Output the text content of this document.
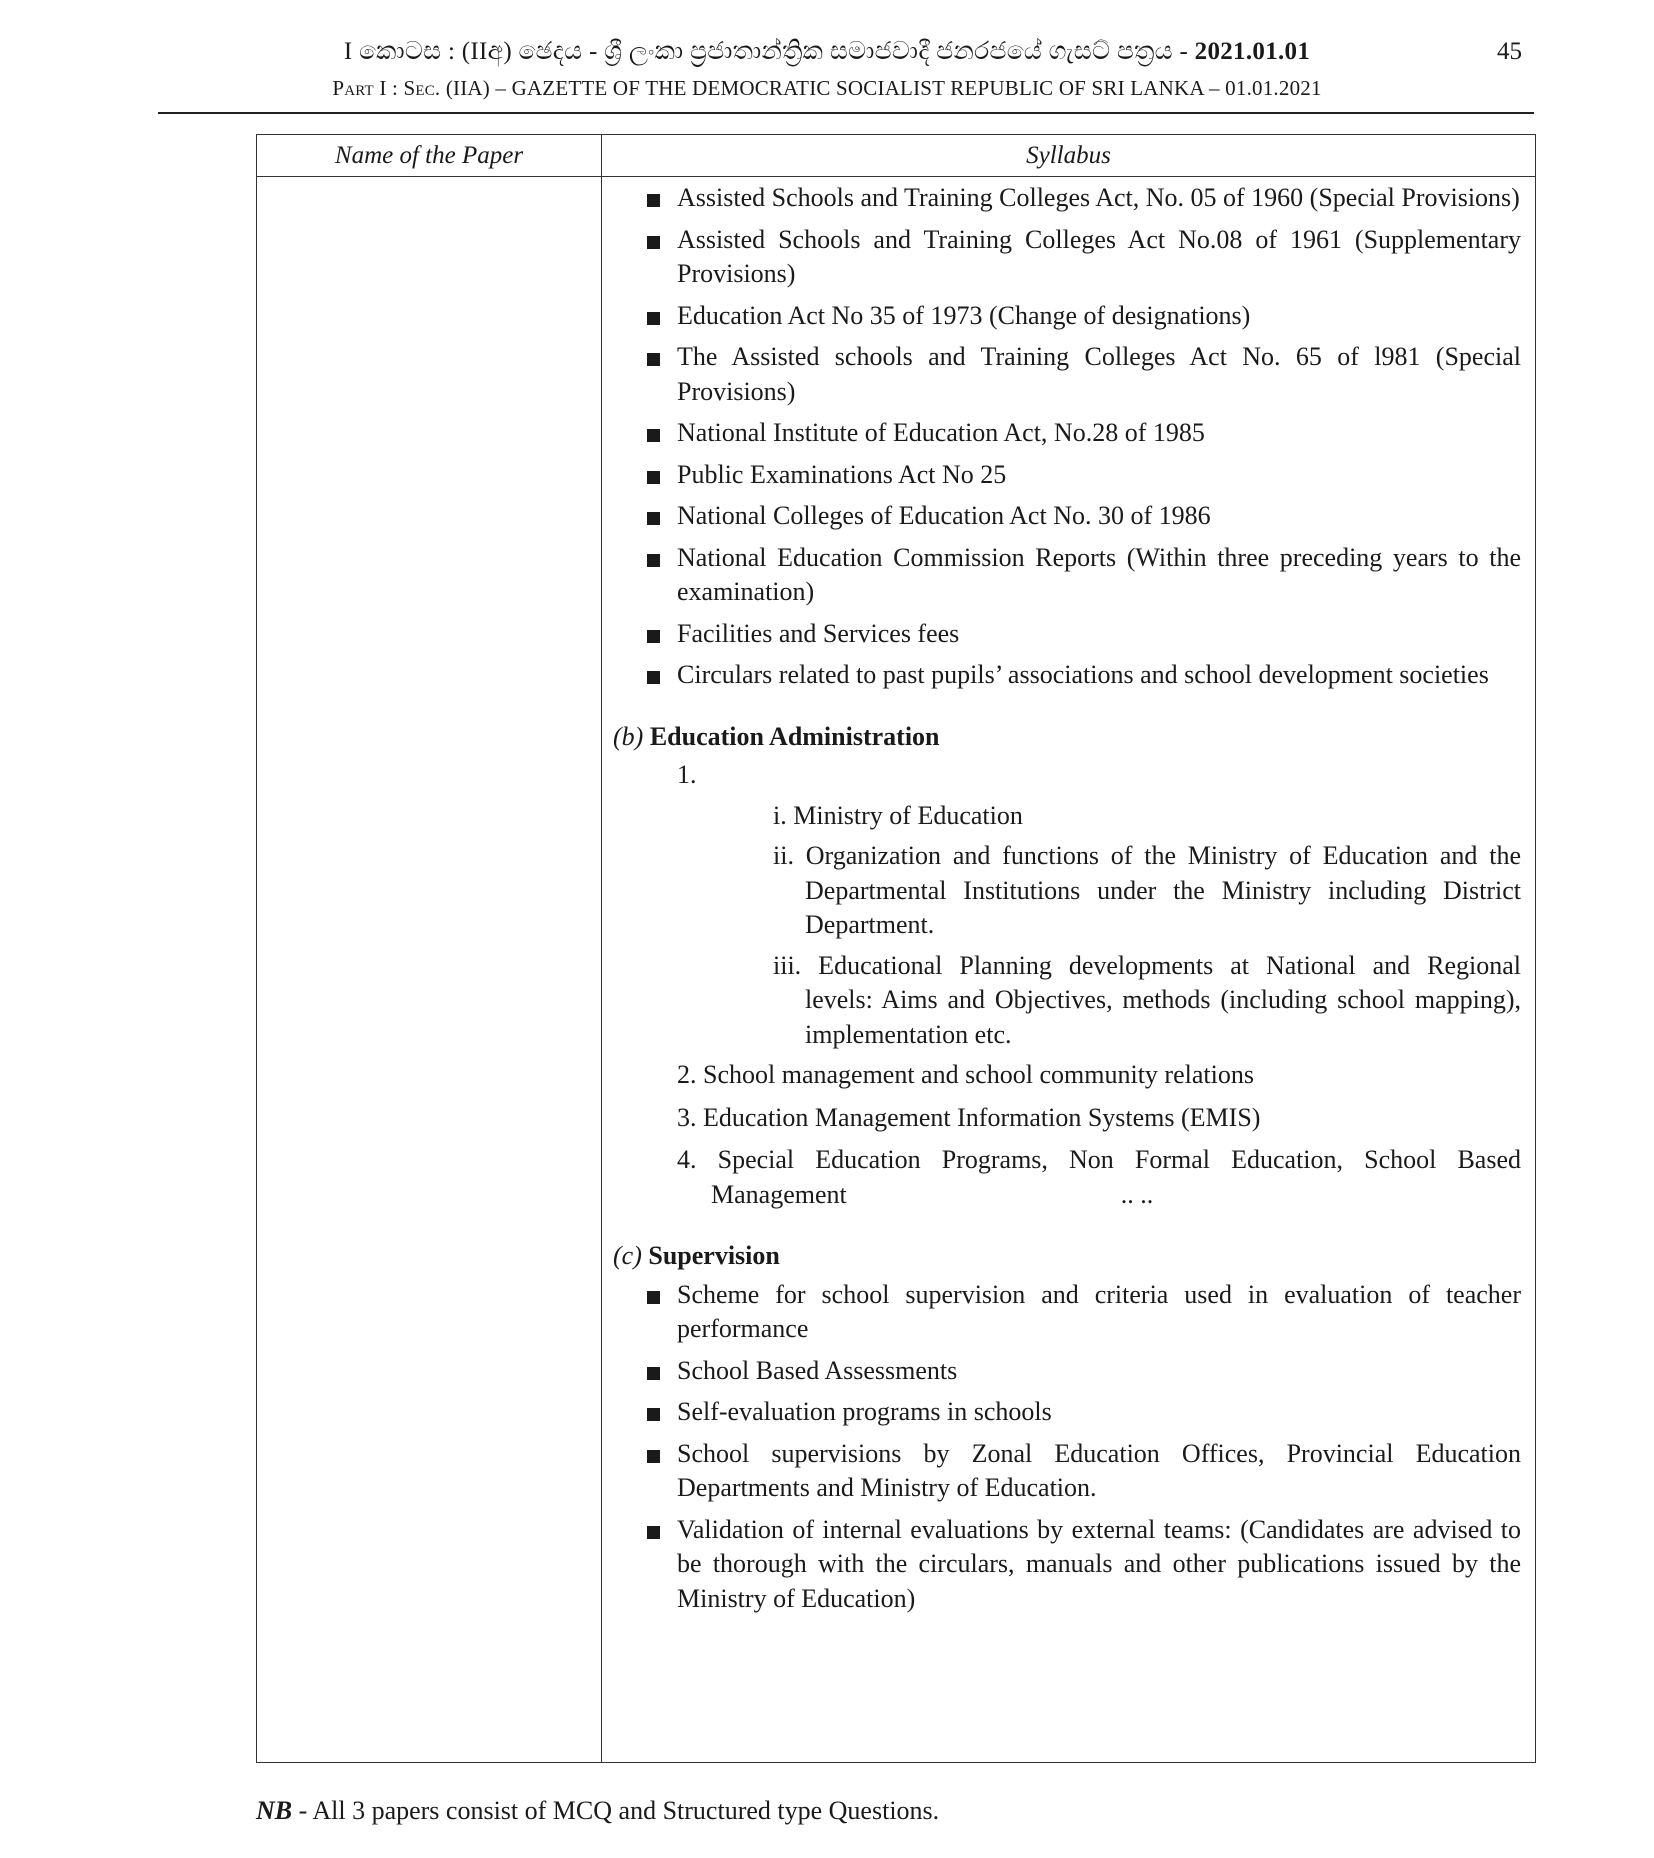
I කොටස : (IIඅ) ඡෙදය - ශ්‍රී ලංකා ප්‍රජාතාන්ත්‍රික සමාජවාදී ජනරජයේ ගැසට් පත්‍රය - 2021.01.01	45
Part I : Sec. (IIA) – GAZETTE OF THE DEMOCRATIC SOCIALIST REPUBLIC OF SRI LANKA – 01.01.2021
Name of the Paper	Syllabus
Assisted Schools and Training Colleges Act, No. 05 of 1960 (Special Provisions)
Assisted Schools and Training Colleges Act No.08 of 1961 (Supplementary Provisions)
Education Act No 35 of 1973 (Change of designations)
The Assisted schools and Training Colleges Act No. 65 of l981 (Special Provisions)
National Institute of Education Act, No.28 of 1985
Public Examinations Act No 25
National Colleges of Education Act No. 30 of 1986
National Education Commission Reports (Within three preceding years to the examination)
Facilities and Services fees
Circulars related to past pupils’ associations and school development societies
(b) Education Administration
1.
i. Ministry of Education
ii. Organization and functions of the Ministry of Education and the Departmental Institutions under the Ministry including District Department.
iii. Educational Planning developments at National and Regional levels: Aims and Objectives, methods (including school mapping), implementation etc.
2. School management and school community relations
3. Education Management Information Systems (EMIS)
4. Special Education Programs, Non Formal Education, School Based Management	.. ..
(c) Supervision
Scheme for school supervision and criteria used in evaluation of teacher performance
School Based Assessments
Self-evaluation programs in schools
School supervisions by Zonal Education Offices, Provincial Education Departments and Ministry of Education.
Validation of internal evaluations by external teams: (Candidates are advised to be thorough with the circulars, manuals and other publications issued by the Ministry of Education)
NB - All 3 papers consist of MCQ and Structured type Questions.
